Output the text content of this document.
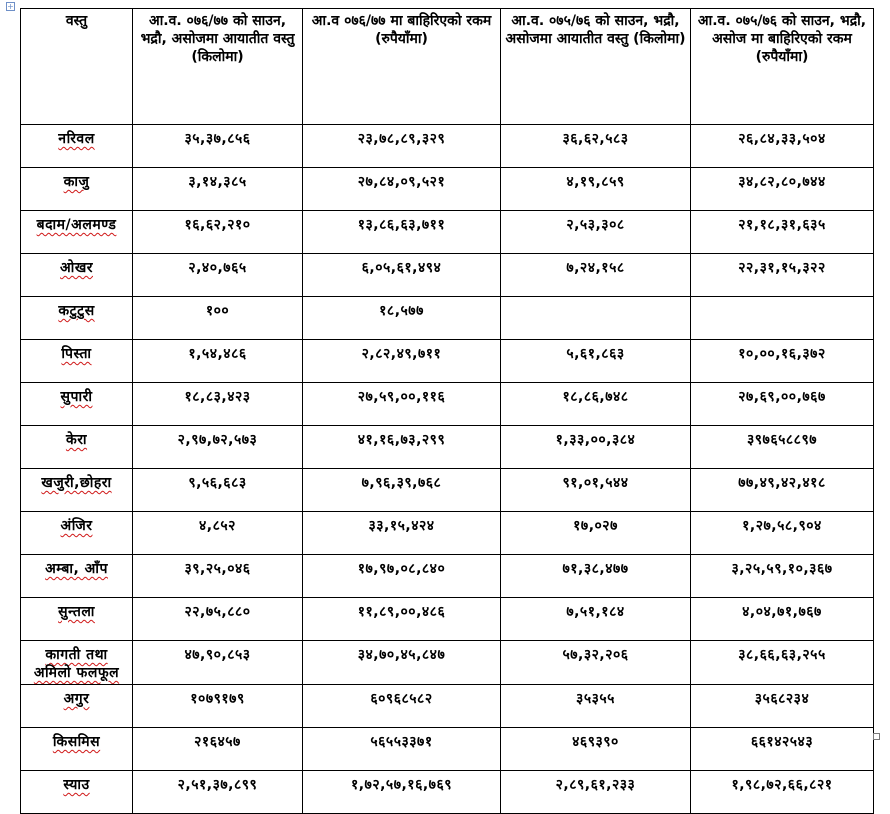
+
वस्तु	आ.व. ०७६/७७ को साउन, भद्रौ, असोजमा आयातीत वस्तु (किलोमा)	आ.व ०७६/७७ मा बाहिरिएको रकम (रुपैयाँमा)	आ.व. ०७५/७६ को साउन, भद्रौ, असोजमा आयातीत वस्तु (किलोमा)	आ.व. ०७५/७६ को साउन, भद्रौ, असोज मा बाहिरिएको रकम (रुपैयाँमा)

नरिवल	३५,३७,८५६	२३,७८,८९,३२९	३६,६२,५८३	२६,८४,३३,५०४
काजु	३,१४,३८५	२७,८४,०९,५२१	४,१९,८५९	३४,८२,८०,७४४
बदाम/अलमण्ड	१६,६२,२१०	१३,८६,६३,७११	२,५३,३०८	२१,१८,३१,६३५
ओखर	२,४०,७६५	६,०५,६१,४९४	७,२४,१५८	२२,३१,१५,३२२
कटुटुस	१००	१८,५७७		
पिस्ता	१,५४,४८६	२,८२,४९,७११	५,६१,८६३	१०,००,१६,३७२
सुपारी	१८,८३,४२३	२७,५९,००,११६	१८,८६,७४८	२७,६९,००,७६७
केरा	२,९७,७२,५७३	४१,१६,७३,२९९	१,३३,००,३८४	३९७६५८८९७
खजुरी,छोहरा	९,५६,६८३	७,९६,३९,७६८	९१,०१,५४४	७७,४९,४२,४१८
अंजिर	४,८५२	३३,१५,४२४	१७,०२७	१,२७,५८,९०४
अम्बा, आँप	३९,२५,०४६	१७,९७,०८,८४०	७१,३८,४७७	३,२५,५९,१०,३६७
सुन्तला	२२,७५,८८०	११,८९,००,४८६	७,५१,१८४	४,०४,७१,७६७
कागती तथा अमिलो फलफूल	४७,९०,८५३	३४,७०,४५,८४७	५७,३२,२०६	३८,६६,६३,२५५
अगुर	१०७९१७९	६०९६८५८२	३५३५५	३५६८२३४
किसमिस	२१६४५७	५६५५३३७१	४६९३९०	६६१४२५४३
स्याउ	२,५१,३७,८९९	१,७२,५७,१६,७६९	२,८९,६१,२३३	१,९८,७२,६६,८२१
